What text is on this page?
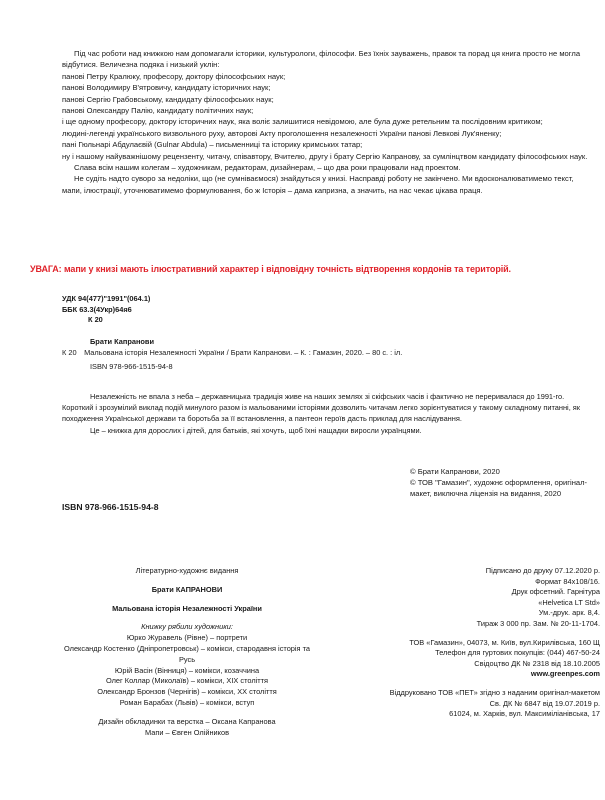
Під час роботи над книжкою нам допомагали історики, культурологи, філософи. Без їхніх зауважень, правок та порад ця книга просто не могла відбутися. Величезна подяка і низький уклін:

панові Петру Кралюку, професору, доктору філософських наук;

панові Володимиру В'ятровичу, кандидату історичних наук;

панові Сергію Грабовському, кандидату філософських наук;

панові Олександру Палію, кандидату політичних наук;

і ще одному професору, доктору історичних наук, яка воліє залишитися невідомою, але була дуже ретельним та послідовним критиком;

людині-легенді українського визвольного руху, авторові Акту проголошення незалежності України панові Левкові Лук'яненку;

пані Гюльнарі Абдулаєвій (Gulnar Abdula) – письменниці та історику кримських татар;

ну і нашому найуважнішому рецензенту, читачу, співавтору, Вчителю, другу і брату Сергію Капранову, за сумлінцтвом кандидату філософських наук.

Слава всім нашим колегам – художникам, редакторам, дизайнерам, – що два роки працювали над проектом.

Не судіть надто суворо за недоліки, що (не сумніваємося) знайдуться у книзі. Насправді роботу не закінчено. Ми вдосконалюватимемо текст, мапи, ілюстрації, уточнюватимемо формулювання, бо ж Історія – дама капризна, а значить, на нас чекає цікава праця.

УВАГА: мапи у книзі мають ілюстративний характер і відповідну точність відтворення кордонів та територій.
УДК 94(477)"1991"(064.1)
ББК 63.3(4Укр)64я6
К 20
Брати Капранови
К 20 Мальована історія Незалежності України / Брати Капранови. – К. : Гамазин, 2020. – 80 с. : іл.
ISBN 978-966-1515-94-8

Незалежність не впала з неба – державницька традиція живе на наших землях зі скіфських часів і фактично не переривалася до 1991-го. Короткий і зрозумілий виклад подій минулого разом із мальованими історіями дозволить читачам легко зорієнтуватися у такому складному питанні, як походження Української держави та боротьба за її встановлення, а пантеон героїв дасть приклад для наслідування.

Це – книжка для дорослих і дітей, для батьків, які хочуть, щоб їхні нащадки виросли українцями.

© Брати Капранови, 2020

© ТОВ "Гамазин", художнє оформлення, оригінал-макет, виключна ліцензія на видання, 2020

ISBN 978-966-1515-94-8
Літературно-художнє видання
Брати КАПРАНОВИ
Мальована історія Незалежності України
Книжку рябили художники:
Юрко Журавель (Рівне) – портрети
Олександр Костенко (Дніпропетровськ) – комікси, стародавня історія та Русь
Юрій Васін (Вінниця) – комікси, козаччина
Олег Коллар (Миколаїв) – комікси, XIX століття
Олександр Бронзов (Чернігів) – комікси, XX століття
Роман Барабах (Львів) – комікси, вступ
Дизайн обкладинки та верстка – Оксана Капранова
Мапи – Євген Олійников
Підписано до друку 07.12.2020 р.
Формат 84х108/16.
Друк офсетний. Гарнітура
«Helvetica LT Std»
Ум.-друк. арк. 8,4.
Тираж 3 000 пр. Зам. № 20-11-1704.
ТОВ «Гамазин», 04073, м. Київ, вул.Кирилівська, 160 Щ
Телефон для гуртових покупців: (044) 467-50-24
Свідоцтво ДК № 2318 від 18.10.2005
www.greenpes.com
Віддруковано ТОВ «ПЕТ» згідно з наданим оригінал-макетом
Св. ДК № 6847 від 19.07.2019 р.
61024, м. Харків, вул. Максиміліанівська, 17
